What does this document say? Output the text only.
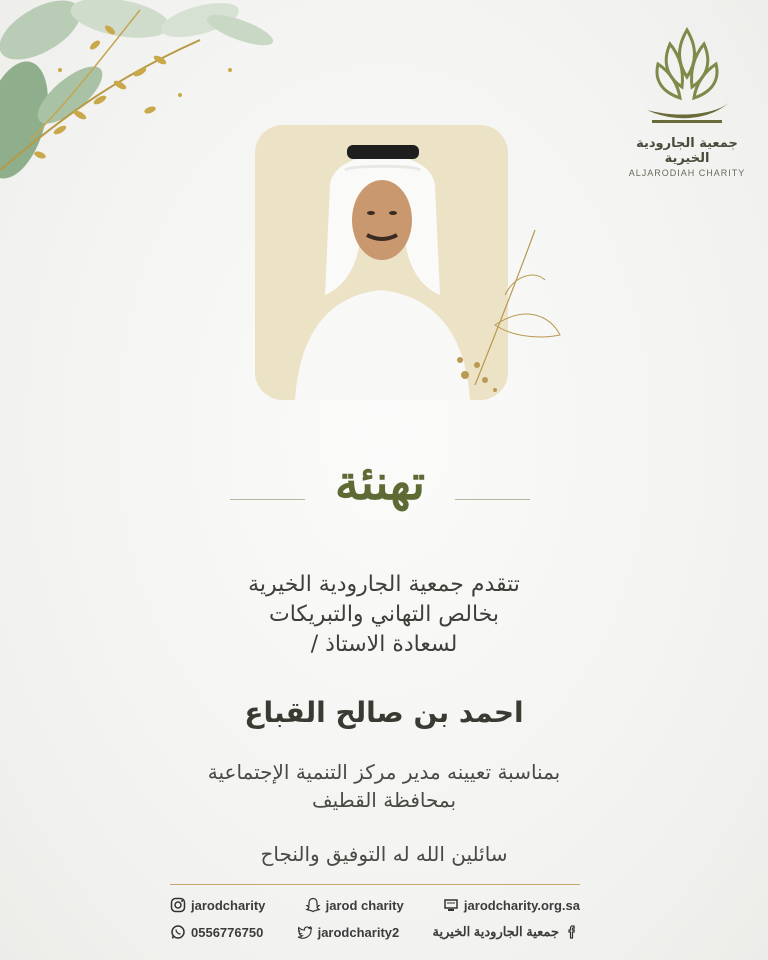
جمعية الجارودية الخيرية
ALJARODIAH CHARITY
تهنئة
تتقدم جمعية الجارودية الخيرية
بخالص التهاني والتبريكات
لسعادة الاستاذ /
احمد بن صالح القباع
بمناسبة تعيينه مدير مركز التنمية الإجتماعية
بمحافظة القطيف
سائلين الله له التوفيق والنجاح
jarodcharity	jarod charity	jarodcharity.org.sa
0556776750	jarodcharity2	جمعية الجارودية الخيرية
